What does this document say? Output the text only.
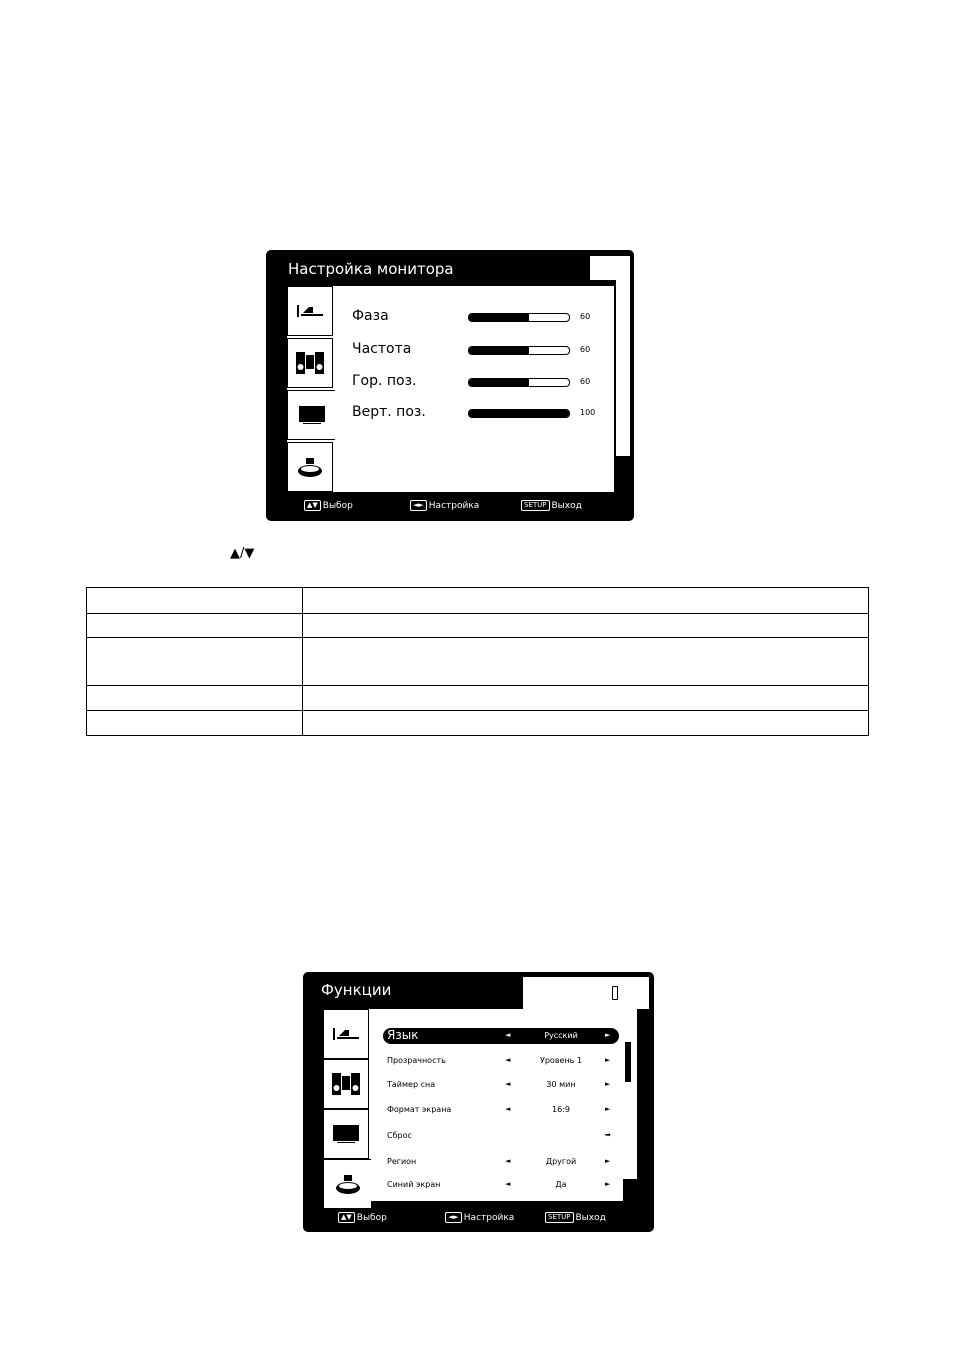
Настройка монитора
Фаза	60
Частота	60
Гор. поз.	60
Верт. поз.	100
▲▼ Выбор	◄► Настройка	SETUP Выход
▲/▼

Функции
Язык	◄	Русский	►
Прозрачность	◄	Уровень 1	►
Таймер сна	◄	30 мин	►
Формат экрана	◄	16:9	►
Сброс	➡
Регион	◄	Другой	►
Синий экран	◄	Да	►
▲▼ Выбор	◄► Настройка	SETUP Выход
